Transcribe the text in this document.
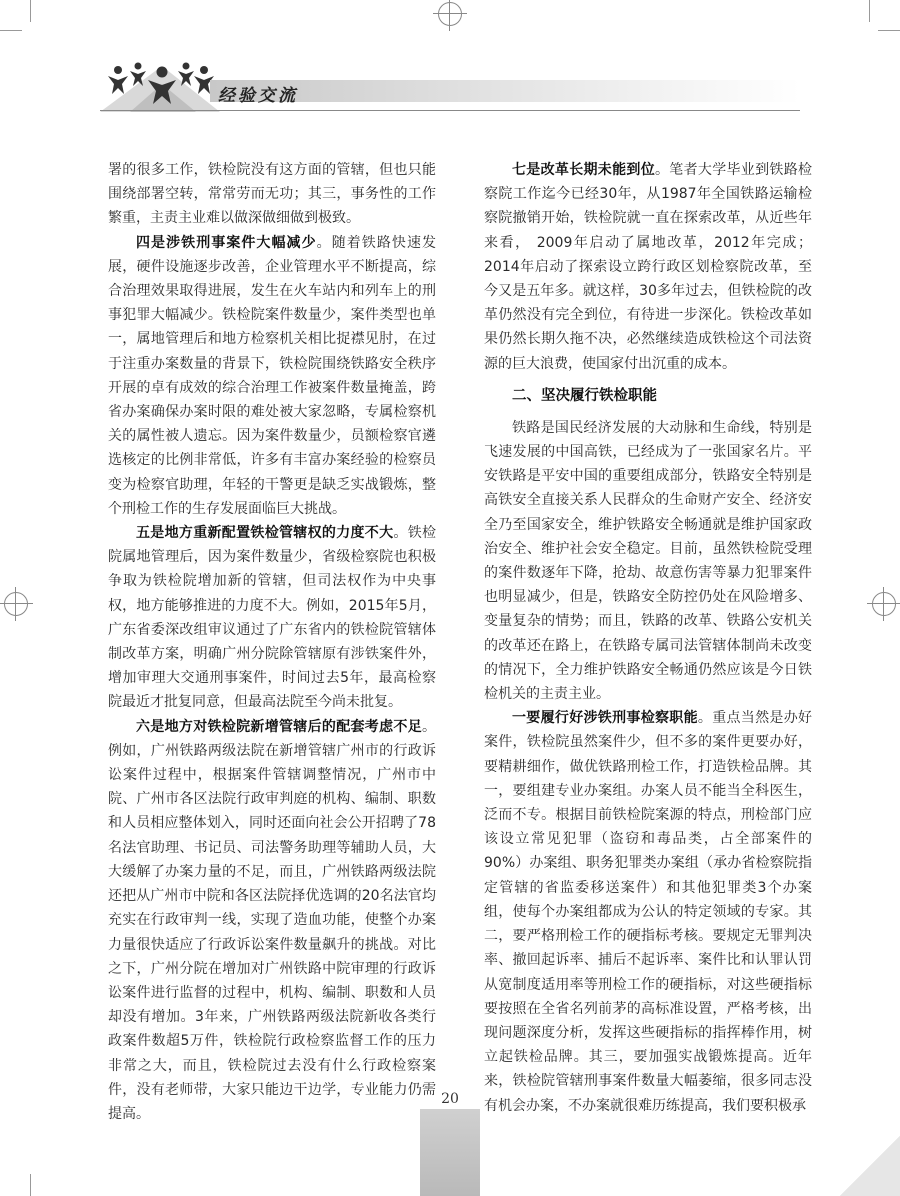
经验交流

署的很多工作，铁检院没有这方面的管辖，但也只能围绕部署空转，常常劳而无功；其三，事务性的工作繁重，主责主业难以做深做细做到极致。

四是涉铁刑事案件大幅减少。随着铁路快速发展，硬件设施逐步改善，企业管理水平不断提高，综合治理效果取得进展，发生在火车站内和列车上的刑事犯罪大幅减少。铁检院案件数量少，案件类型也单一，属地管理后和地方检察机关相比捉襟见肘，在过于注重办案数量的背景下，铁检院围绕铁路安全秩序开展的卓有成效的综合治理工作被案件数量掩盖，跨省办案确保办案时限的难处被大家忽略，专属检察机关的属性被人遗忘。因为案件数量少，员额检察官遴选核定的比例非常低，许多有丰富办案经验的检察员变为检察官助理，年轻的干警更是缺乏实战锻炼，整个刑检工作的生存发展面临巨大挑战。

五是地方重新配置铁检管辖权的力度不大。铁检院属地管理后，因为案件数量少，省级检察院也积极争取为铁检院增加新的管辖，但司法权作为中央事权，地方能够推进的力度不大。例如，2015年5月，广东省委深改组审议通过了广东省内的铁检院管辖体制改革方案，明确广州分院除管辖原有涉铁案件外，增加审理大交通刑事案件，时间过去5年，最高检察院最近才批复同意，但最高法院至今尚未批复。

六是地方对铁检院新增管辖后的配套考虑不足。例如，广州铁路两级法院在新增管辖广州市的行政诉讼案件过程中，根据案件管辖调整情况，广州市中院、广州市各区法院行政审判庭的机构、编制、职数和人员相应整体划入，同时还面向社会公开招聘了78名法官助理、书记员、司法警务助理等辅助人员，大大缓解了办案力量的不足，而且，广州铁路两级法院还把从广州市中院和各区法院择优选调的20名法官均充实在行政审判一线，实现了造血功能，使整个办案力量很快适应了行政诉讼案件数量飙升的挑战。对比之下，广州分院在增加对广州铁路中院审理的行政诉讼案件进行监督的过程中，机构、编制、职数和人员却没有增加。3年来，广州铁路两级法院新收各类行政案件数超5万件，铁检院行政检察监督工作的压力非常之大，而且，铁检院过去没有什么行政检察案件，没有老师带，大家只能边干边学，专业能力仍需提高。

七是改革长期未能到位。笔者大学毕业到铁路检察院工作迄今已经30年，从1987年全国铁路运输检察院撤销开始，铁检院就一直在探索改革，从近些年来看， 2009年启动了属地改革，2012年完成；2014年启动了探索设立跨行政区划检察院改革，至今又是五年多。就这样，30多年过去，但铁检院的改革仍然没有完全到位，有待进一步深化。铁检改革如果仍然长期久拖不决，必然继续造成铁检这个司法资源的巨大浪费，使国家付出沉重的成本。

二、坚决履行铁检职能

铁路是国民经济发展的大动脉和生命线，特别是飞速发展的中国高铁，已经成为了一张国家名片。平安铁路是平安中国的重要组成部分，铁路安全特别是高铁安全直接关系人民群众的生命财产安全、经济安全乃至国家安全，维护铁路安全畅通就是维护国家政治安全、维护社会安全稳定。目前，虽然铁检院受理的案件数逐年下降，抢劫、故意伤害等暴力犯罪案件也明显减少，但是，铁路安全防控仍处在风险增多、变量复杂的情势；而且，铁路的改革、铁路公安机关的改革还在路上，在铁路专属司法管辖体制尚未改变的情况下，全力维护铁路安全畅通仍然应该是今日铁检机关的主责主业。

一要履行好涉铁刑事检察职能。重点当然是办好案件，铁检院虽然案件少，但不多的案件更要办好，要精耕细作，做优铁路刑检工作，打造铁检品牌。其一，要组建专业办案组。办案人员不能当全科医生，泛而不专。根据目前铁检院案源的特点，刑检部门应该设立常见犯罪（盗窃和毒品类，占全部案件的90%）办案组、职务犯罪类办案组（承办省检察院指定管辖的省监委移送案件）和其他犯罪类3个办案组，使每个办案组都成为公认的特定领域的专家。其二，要严格刑检工作的硬指标考核。要规定无罪判决率、撤回起诉率、捕后不起诉率、案件比和认罪认罚从宽制度适用率等刑检工作的硬指标，对这些硬指标要按照在全省名列前茅的高标准设置，严格考核，出现问题深度分析，发挥这些硬指标的指挥棒作用，树立起铁检品牌。其三，要加强实战锻炼提高。近年来，铁检院管辖刑事案件数量大幅萎缩，很多同志没有机会办案，不办案就很难历练提高，我们要积极承

20
